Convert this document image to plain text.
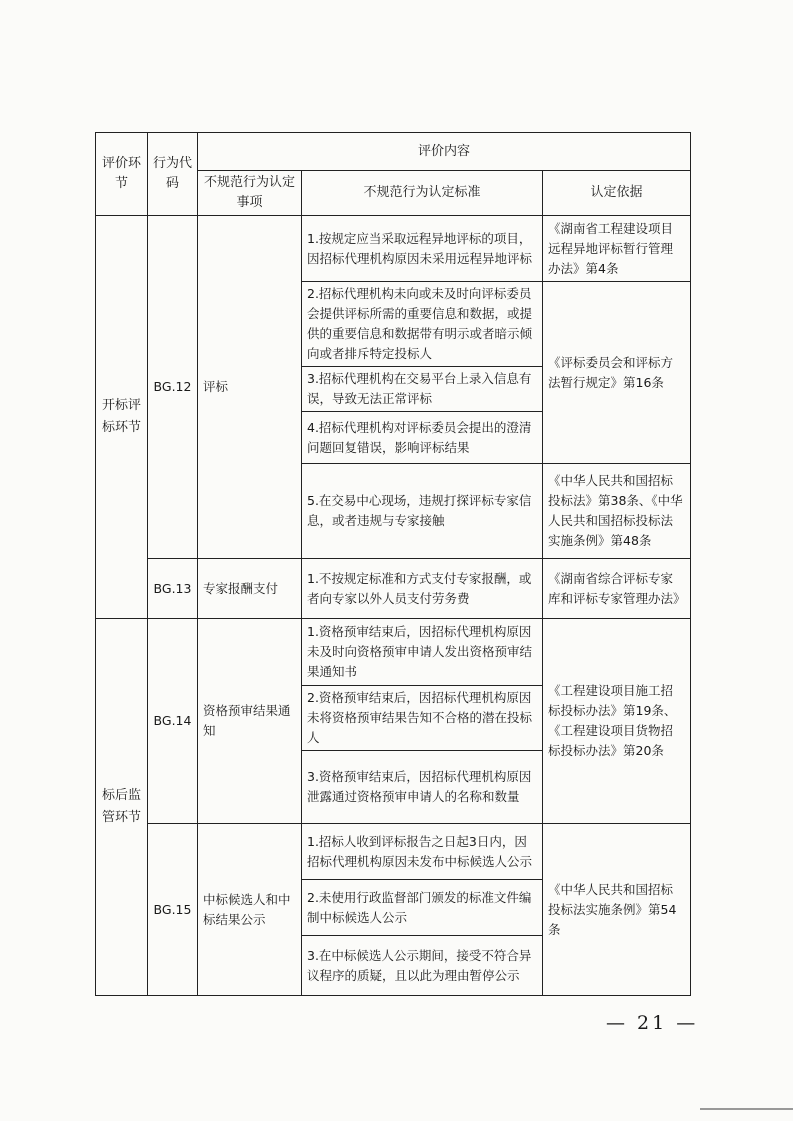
评价环节	行为代码	评价内容		
		不规范行为认定事项	不规范行为认定标准	认定依据
开标评标环节	BG.12	评标	1.按规定应当采取远程异地评标的项目，因招标代理机构原因未采用远程异地评标	《湖南省工程建设项目远程异地评标暂行管理办法》第4条
			2.招标代理机构未向或未及时向评标委员会提供评标所需的重要信息和数据，或提供的重要信息和数据带有明示或者暗示倾向或者排斥特定投标人	《评标委员会和评标方法暂行规定》第16条
			3.招标代理机构在交易平台上录入信息有误，导致无法正常评标	
			4.招标代理机构对评标委员会提出的澄清问题回复错误，影响评标结果	
			5.在交易中心现场，违规打探评标专家信息，或者违规与专家接触	《中华人民共和国招标投标法》第38条、《中华人民共和国招标投标法实施条例》第48条
	BG.13	专家报酬支付	1.不按规定标准和方式支付专家报酬，或者向专家以外人员支付劳务费	《湖南省综合评标专家库和评标专家管理办法》
标后监管环节	BG.14	资格预审结果通知	1.资格预审结束后，因招标代理机构原因未及时向资格预审申请人发出资格预审结果通知书	《工程建设项目施工招标投标办法》第19条、《工程建设项目货物招标投标办法》第20条
			2.资格预审结束后，因招标代理机构原因未将资格预审结果告知不合格的潜在投标人	
			3.资格预审结束后，因招标代理机构原因泄露通过资格预审申请人的名称和数量	
	BG.15	中标候选人和中标结果公示	1.招标人收到评标报告之日起3日内，因招标代理机构原因未发布中标候选人公示	《中华人民共和国招标投标法实施条例》第54条
			2.未使用行政监督部门颁发的标准文件编制中标候选人公示	
			3.在中标候选人公示期间，接受不符合异议程序的质疑，且以此为理由暂停公示	
— 21 —
